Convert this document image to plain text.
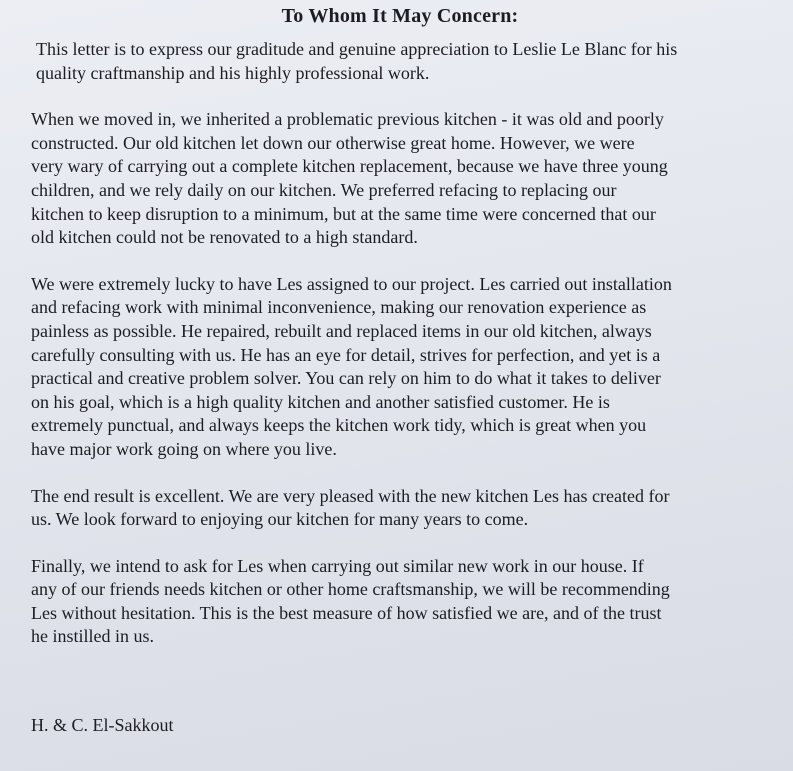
To Whom It May Concern:
This letter is to express our graditude and genuine appreciation to Leslie Le Blanc for his
quality craftmanship and his highly professional work.
When we moved in, we inherited a problematic previous kitchen - it was old and poorly
constructed. Our old kitchen let down our otherwise great home. However, we were
very wary of carrying out a complete kitchen replacement, because we have three young
children, and we rely daily on our kitchen. We preferred refacing to replacing our
kitchen to keep disruption to a minimum, but at the same time were concerned that our
old kitchen could not be renovated to a high standard.
We were extremely lucky to have Les assigned to our project. Les carried out installation
and refacing work with minimal inconvenience, making our renovation experience as
painless as possible. He repaired, rebuilt and replaced items in our old kitchen, always
carefully consulting with us. He has an eye for detail, strives for perfection, and yet is a
practical and creative problem solver. You can rely on him to do what it takes to deliver
on his goal, which is a high quality kitchen and another satisfied customer. He is
extremely punctual, and always keeps the kitchen work tidy, which is great when you
have major work going on where you live.
The end result is excellent. We are very pleased with the new kitchen Les has created for
us. We look forward to enjoying our kitchen for many years to come.
Finally, we intend to ask for Les when carrying out similar new work in our house. If
any of our friends needs kitchen or other home craftsmanship, we will be recommending
Les without hesitation. This is the best measure of how satisfied we are, and of the trust
he instilled in us.
H. & C. El-Sakkout
